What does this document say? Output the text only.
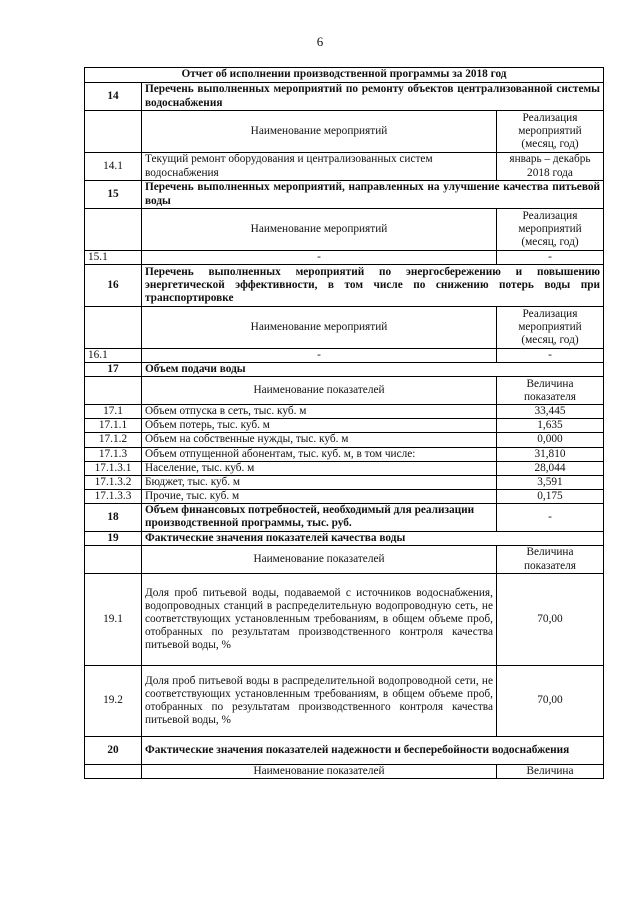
6
Отчет об исполнении производственной программы за 2018 год		
14	Перечень выполненных мероприятий по ремонту объектов централизованной системы водоснабжения	
	Наименование мероприятий	Реализация мероприятий (месяц, год)
14.1	Текущий ремонт оборудования и централизованных систем водоснабжения	январь – декабрь 2018 года
15	Перечень выполненных мероприятий, направленных на улучшение качества питьевой воды	
	Наименование мероприятий	Реализация мероприятий (месяц, год)
15.1	-	-
16	Перечень выполненных мероприятий по энергосбережению и повышению энергетической эффективности, в том числе по снижению потерь воды при транспортировке	
	Наименование мероприятий	Реализация мероприятий (месяц, год)
16.1	-	-
17	Объем подачи воды	
	Наименование показателей	Величина показателя
17.1	Объем отпуска в сеть, тыс. куб. м	33,445
17.1.1	Объем потерь, тыс. куб. м	1,635
17.1.2	Объем на собственные нужды, тыс. куб. м	0,000
17.1.3	Объем отпущенной абонентам, тыс. куб. м, в том числе:	31,810
17.1.3.1	Население, тыс. куб. м	28,044
17.1.3.2	Бюджет, тыс. куб. м	3,591
17.1.3.3	Прочие, тыс. куб. м	0,175
18	Объем финансовых потребностей, необходимый для реализации производственной программы, тыс. руб.	-
19	Фактические значения показателей качества воды	
	Наименование показателей	Величина показателя
19.1	Доля проб питьевой воды, подаваемой с источников водоснабжения, водопроводных станций в распределительную водопроводную сеть, не соответствующих установленным требованиям, в общем объеме проб, отобранных по результатам производственного контроля качества питьевой воды, %	70,00
19.2	Доля проб питьевой воды в распределительной водопроводной сети, не соответствующих установленным требованиям, в общем объеме проб, отобранных по результатам производственного контроля качества питьевой воды, %	70,00
20	Фактические значения показателей надежности и бесперебойности водоснабжения	
	Наименование показателей	Величина
